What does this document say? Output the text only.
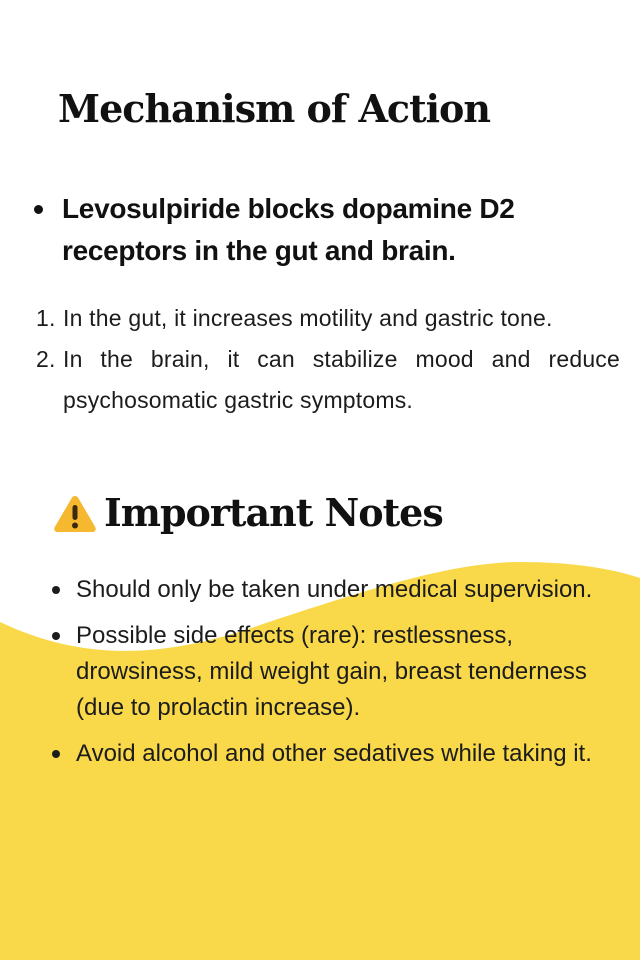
Mechanism of Action
Levosulpiride blocks dopamine D2 receptors in the gut and brain.
1. In the gut, it increases motility and gastric tone.
2. In the brain, it can stabilize mood and reduce psychosomatic gastric symptoms.
Important Notes
Should only be taken under medical supervision.
Possible side effects (rare): restlessness, drowsiness, mild weight gain, breast tenderness (due to prolactin increase).
Avoid alcohol and other sedatives while taking it.
